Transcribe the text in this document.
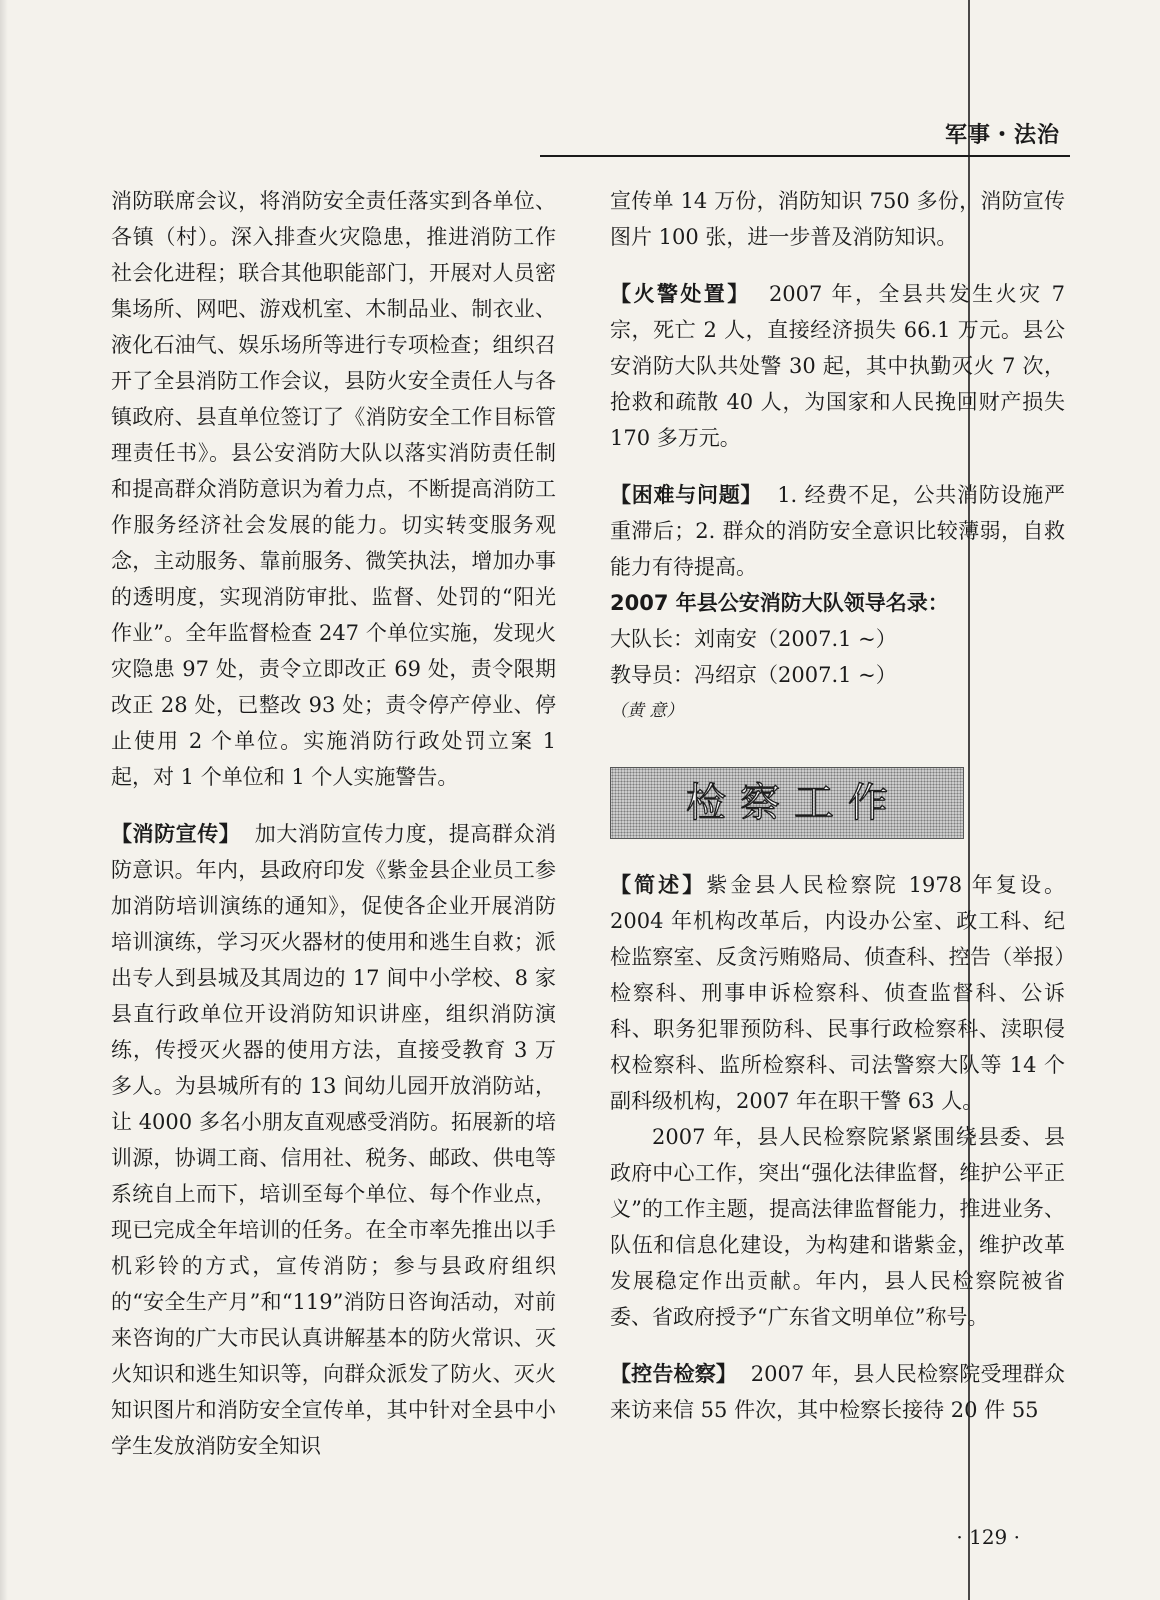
军事・法治

消防联席会议，将消防安全责任落实到各单位、各镇（村）。深入排查火灾隐患，推进消防工作社会化进程；联合其他职能部门，开展对人员密集场所、网吧、游戏机室、木制品业、制衣业、液化石油气、娱乐场所等进行专项检查；组织召开了全县消防工作会议，县防火安全责任人与各镇政府、县直单位签订了《消防安全工作目标管理责任书》。县公安消防大队以落实消防责任制和提高群众消防意识为着力点，不断提高消防工作服务经济社会发展的能力。切实转变服务观念，主动服务、靠前服务、微笑执法，增加办事的透明度，实现消防审批、监督、处罚的“阳光作业”。全年监督检查 247 个单位实施，发现火灾隐患 97 处，责令立即改正 69 处，责令限期改正 28 处，已整改 93 处；责令停产停业、停止使用 2 个单位。实施消防行政处罚立案 1 起，对 1 个单位和 1 个人实施警告。

【消防宣传】 加大消防宣传力度，提高群众消防意识。年内，县政府印发《紫金县企业员工参加消防培训演练的通知》，促使各企业开展消防培训演练，学习灭火器材的使用和逃生自救；派出专人到县城及其周边的 17 间中小学校、8 家县直行政单位开设消防知识讲座，组织消防演练，传授灭火器的使用方法，直接受教育 3 万多人。为县城所有的 13 间幼儿园开放消防站，让 4000 多名小朋友直观感受消防。拓展新的培训源，协调工商、信用社、税务、邮政、供电等系统自上而下，培训至每个单位、每个作业点，现已完成全年培训的任务。在全市率先推出以手机彩铃的方式，宣传消防；参与县政府组织的“安全生产月”和“119”消防日咨询活动，对前来咨询的广大市民认真讲解基本的防火常识、灭火知识和逃生知识等，向群众派发了防火、灭火知识图片和消防安全宣传单，其中针对全县中小学生发放消防安全知识

宣传单 14 万份，消防知识 750 多份，消防宣传图片 100 张，进一步普及消防知识。

【火警处置】 2007 年，全县共发生火灾 7 宗，死亡 2 人，直接经济损失 66.1 万元。县公安消防大队共处警 30 起，其中执勤灭火 7 次，抢救和疏散 40 人，为国家和人民挽回财产损失 170 多万元。

【困难与问题】 1. 经费不足，公共消防设施严重滞后；2. 群众的消防安全意识比较薄弱，自救能力有待提高。

2007 年县公安消防大队领导名录：

大队长：刘南安（2007.1 ~）

教导员：冯绍京（2007.1 ~）

（黄 意）

检察工作

【简述】紫金县人民检察院 1978 年复设。2004 年机构改革后，内设办公室、政工科、纪检监察室、反贪污贿赂局、侦查科、控告（举报）检察科、刑事申诉检察科、侦查监督科、公诉科、职务犯罪预防科、民事行政检察科、渎职侵权检察科、监所检察科、司法警察大队等 14 个副科级机构，2007 年在职干警 63 人。

2007 年，县人民检察院紧紧围绕县委、县政府中心工作，突出“强化法律监督，维护公平正义”的工作主题，提高法律监督能力，推进业务、队伍和信息化建设，为构建和谐紫金，维护改革发展稳定作出贡献。年内，县人民检察院被省委、省政府授予“广东省文明单位”称号。

【控告检察】 2007 年，县人民检察院受理群众来访来信 55 件次，其中检察长接待 20 件 55

· 129 ·
